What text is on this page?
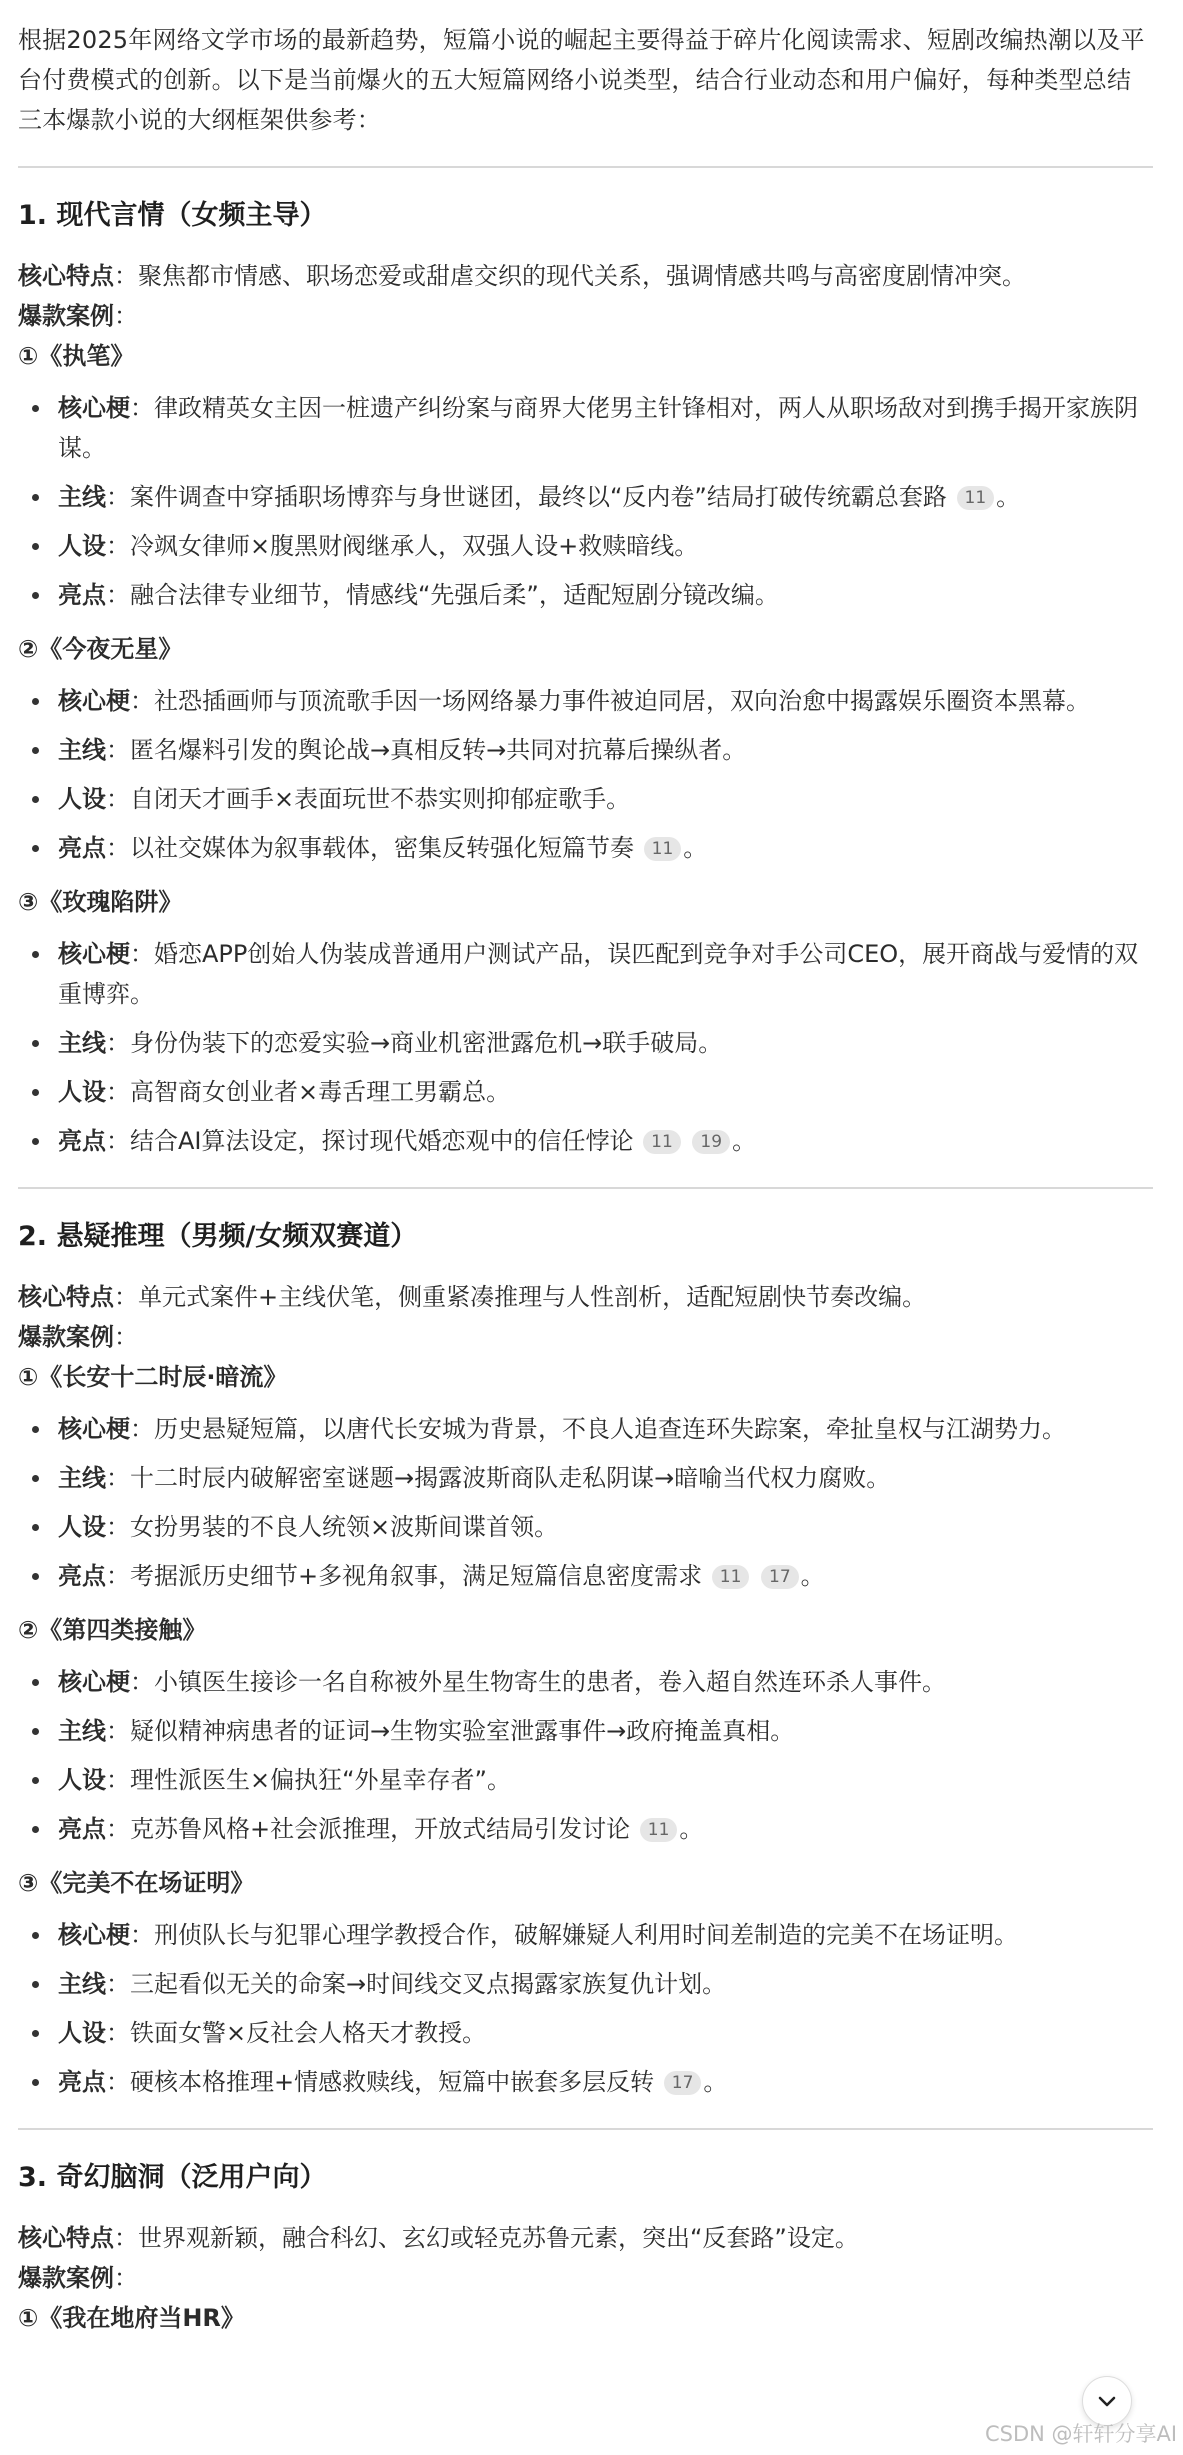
根据2025年网络文学市场的最新趋势，短篇小说的崛起主要得益于碎片化阅读需求、短剧改编热潮以及平台付费模式的创新。以下是当前爆火的五大短篇网络小说类型，结合行业动态和用户偏好，每种类型总结三本爆款小说的大纲框架供参考：

1. 现代言情（女频主导）

核心特点：聚焦都市情感、职场恋爱或甜虐交织的现代关系，强调情感共鸣与高密度剧情冲突。

爆款案例：

①《执笔》
核心梗：律政精英女主因一桩遗产纠纷案与商界大佬男主针锋相对，两人从职场敌对到携手揭开家族阴谋。
主线：案件调查中穿插职场博弈与身世谜团，最终以“反内卷”结局打破传统霸总套路 11 。
人设：冷飒女律师×腹黑财阀继承人，双强人设+救赎暗线。
亮点：融合法律专业细节，情感线“先强后柔”，适配短剧分镜改编。
②《今夜无星》
核心梗：社恐插画师与顶流歌手因一场网络暴力事件被迫同居，双向治愈中揭露娱乐圈资本黑幕。
主线：匿名爆料引发的舆论战→真相反转→共同对抗幕后操纵者。
人设：自闭天才画手×表面玩世不恭实则抑郁症歌手。
亮点：以社交媒体为叙事载体，密集反转强化短篇节奏 11 。
③《玫瑰陷阱》
核心梗：婚恋APP创始人伪装成普通用户测试产品，误匹配到竞争对手公司CEO，展开商战与爱情的双重博弈。
主线：身份伪装下的恋爱实验→商业机密泄露危机→联手破局。
人设：高智商女创业者×毒舌理工男霸总。
亮点：结合AI算法设定，探讨现代婚恋观中的信任悖论 11 19 。
2. 悬疑推理（男频/女频双赛道）

核心特点：单元式案件+主线伏笔，侧重紧凑推理与人性剖析，适配短剧快节奏改编。

爆款案例：

①《长安十二时辰·暗流》
核心梗：历史悬疑短篇，以唐代长安城为背景，不良人追查连环失踪案，牵扯皇权与江湖势力。
主线：十二时辰内破解密室谜题→揭露波斯商队走私阴谋→暗喻当代权力腐败。
人设：女扮男装的不良人统领×波斯间谍首领。
亮点：考据派历史细节+多视角叙事，满足短篇信息密度需求 11 17 。
②《第四类接触》
核心梗：小镇医生接诊一名自称被外星生物寄生的患者，卷入超自然连环杀人事件。
主线：疑似精神病患者的证词→生物实验室泄露事件→政府掩盖真相。
人设：理性派医生×偏执狂“外星幸存者”。
亮点：克苏鲁风格+社会派推理，开放式结局引发讨论 11 。
③《完美不在场证明》
核心梗：刑侦队长与犯罪心理学教授合作，破解嫌疑人利用时间差制造的完美不在场证明。
主线：三起看似无关的命案→时间线交叉点揭露家族复仇计划。
人设：铁面女警×反社会人格天才教授。
亮点：硬核本格推理+情感救赎线，短篇中嵌套多层反转 17 。
3. 奇幻脑洞（泛用户向）

核心特点：世界观新颖，融合科幻、玄幻或轻克苏鲁元素，突出“反套路”设定。

爆款案例：

①《我在地府当HR》
CSDN @轩轩分享AI
